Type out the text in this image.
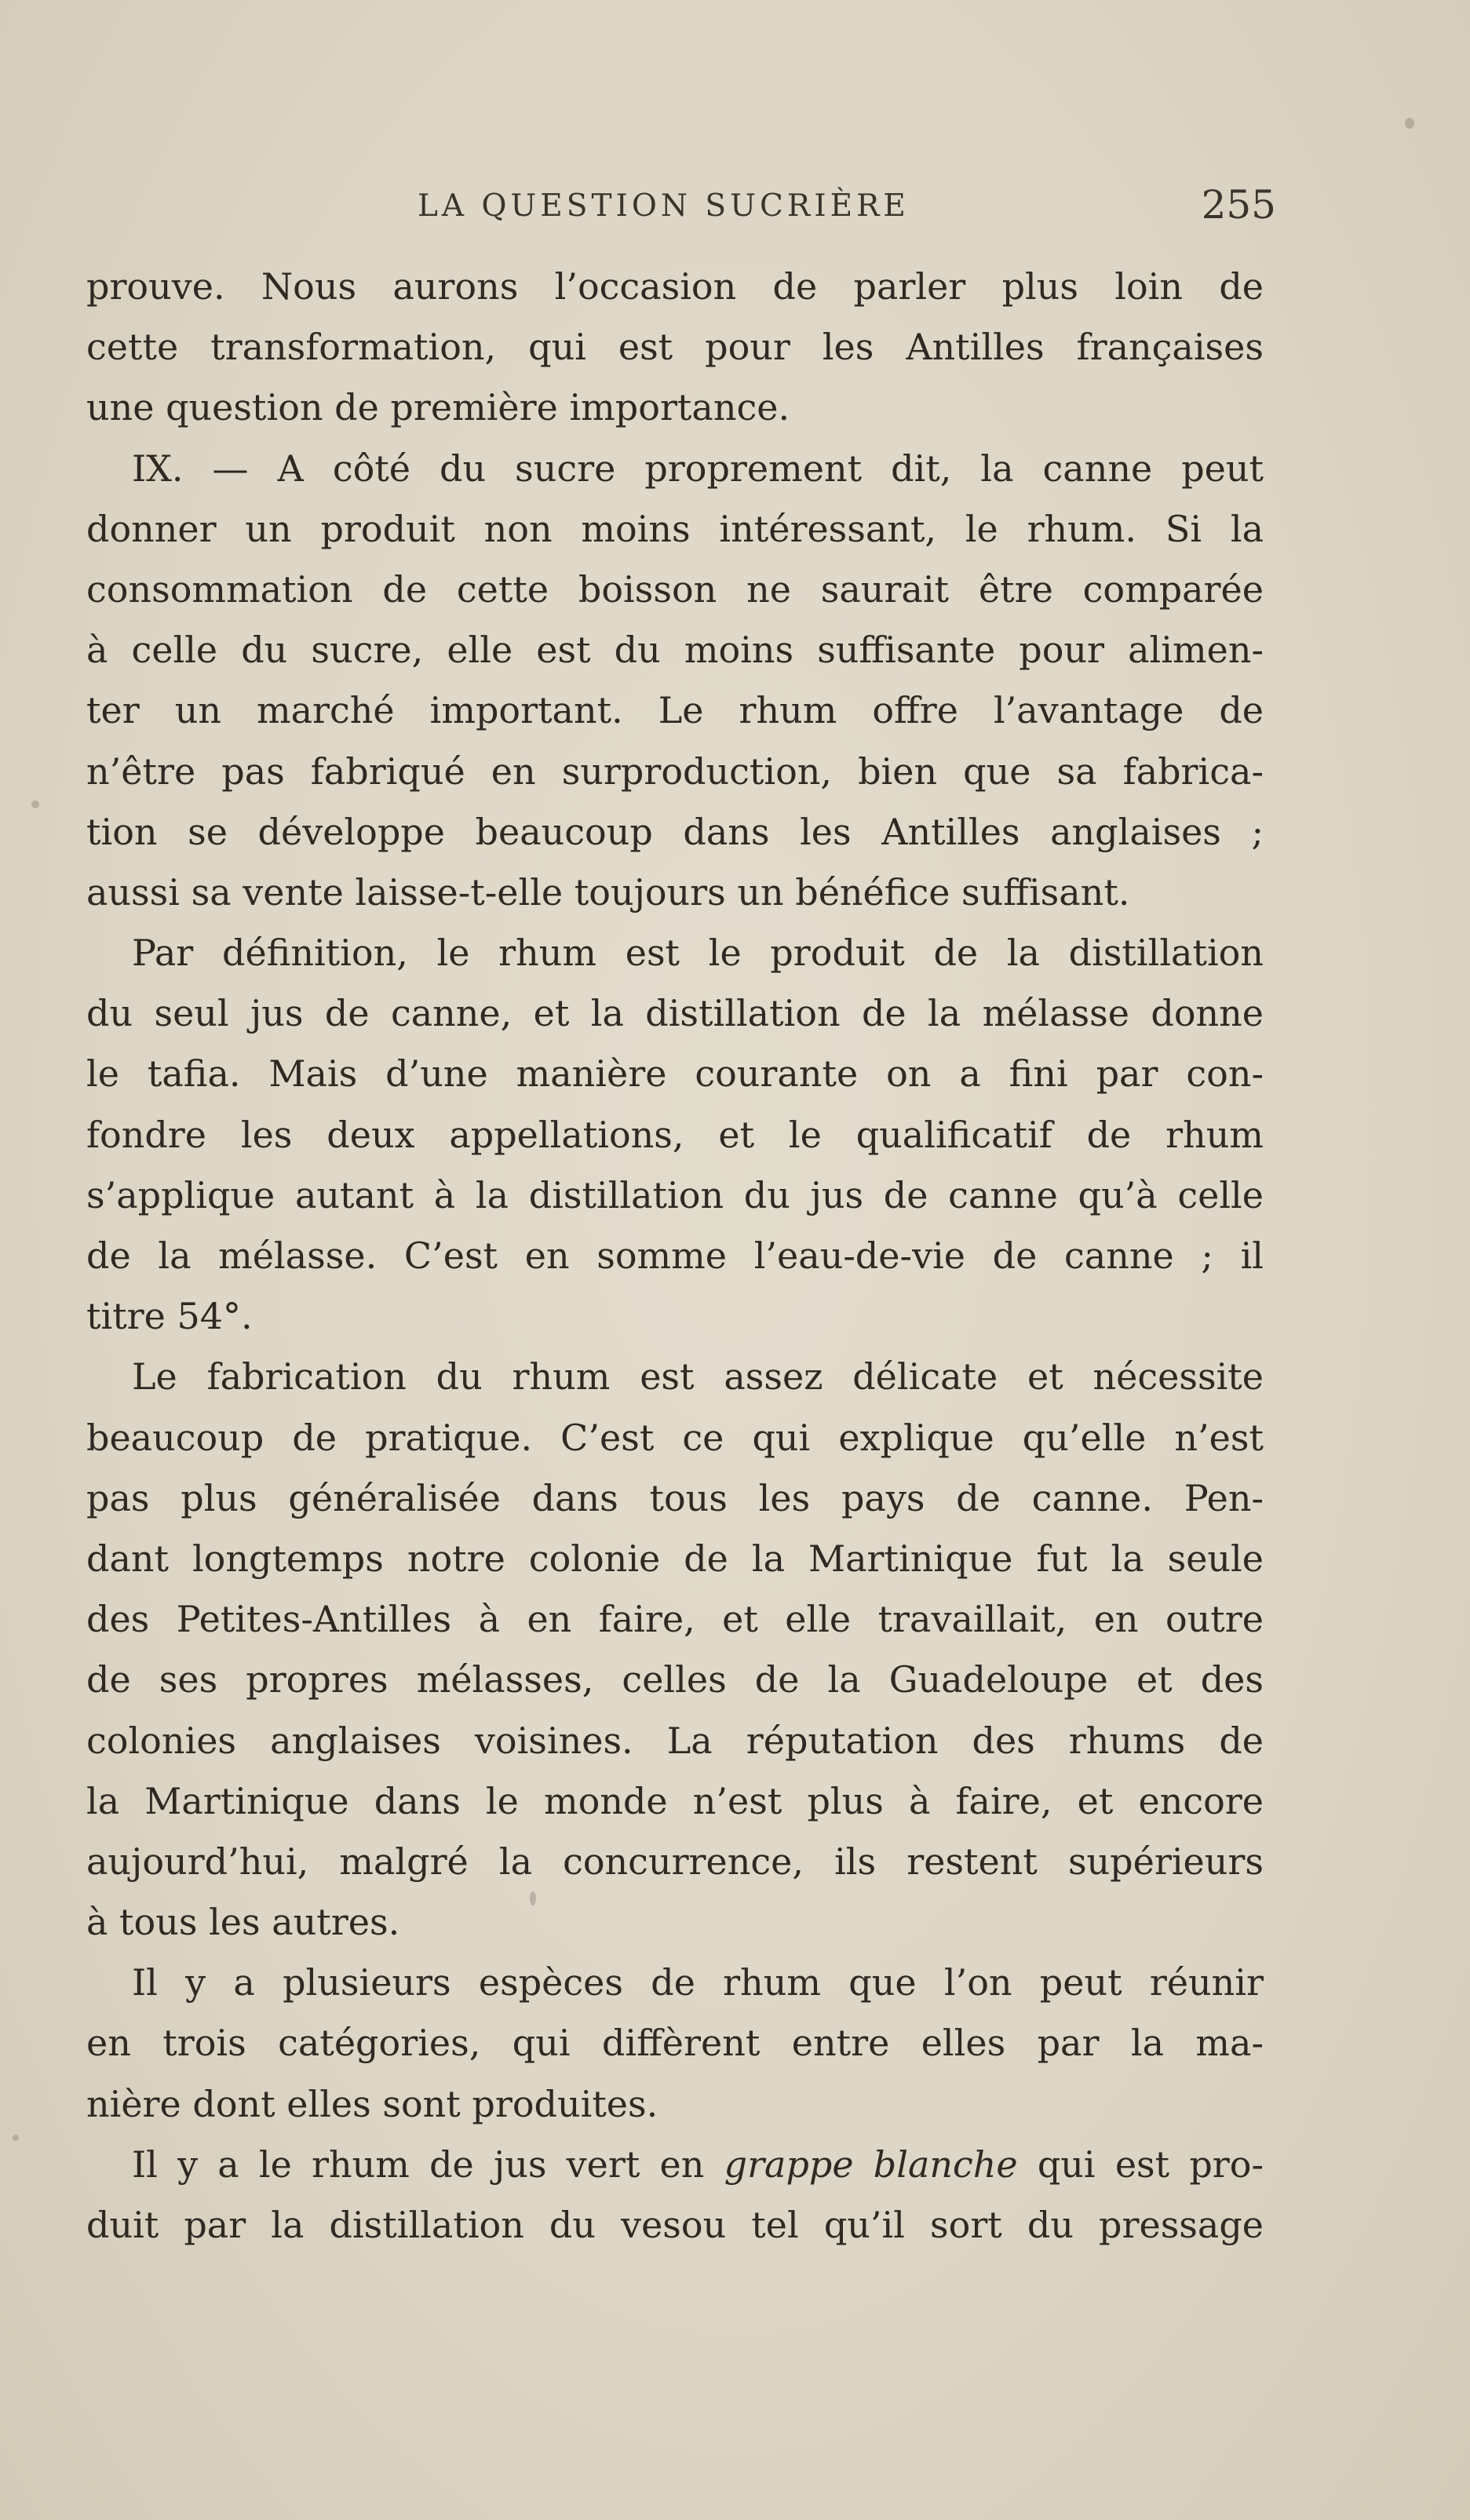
LA QUESTION SUCRIÈRE	255
prouve. Nous aurons l’occasion de parler plus loin de
cette transformation, qui est pour les Antilles françaises
une question de première importance.
IX. — A côté du sucre proprement dit, la canne peut
donner un produit non moins intéressant, le rhum. Si la
consommation de cette boisson ne saurait être comparée
à celle du sucre, elle est du moins suffisante pour alimen-
ter un marché important. Le rhum offre l’avantage de
n’être pas fabriqué en surproduction, bien que sa fabrica-
tion se développe beaucoup dans les Antilles anglaises ;
aussi sa vente laisse-t-elle toujours un bénéfice suffisant.
Par définition, le rhum est le produit de la distillation
du seul jus de canne, et la distillation de la mélasse donne
le tafia. Mais d’une manière courante on a fini par con-
fondre les deux appellations, et le qualificatif de rhum
s’applique autant à la distillation du jus de canne qu’à celle
de la mélasse. C’est en somme l’eau-de-vie de canne ; il
titre 54°.
Le fabrication du rhum est assez délicate et nécessite
beaucoup de pratique. C’est ce qui explique qu’elle n’est
pas plus généralisée dans tous les pays de canne. Pen-
dant longtemps notre colonie de la Martinique fut la seule
des Petites-Antilles à en faire, et elle travaillait, en outre
de ses propres mélasses, celles de la Guadeloupe et des
colonies anglaises voisines. La réputation des rhums de
la Martinique dans le monde n’est plus à faire, et encore
aujourd’hui, malgré la concurrence, ils restent supérieurs
à tous les autres.
Il y a plusieurs espèces de rhum que l’on peut réunir
en trois catégories, qui diffèrent entre elles par la ma-
nière dont elles sont produites.
Il y a le rhum de jus vert en grappe blanche qui est pro-
duit par la distillation du vesou tel qu’il sort du pressage
